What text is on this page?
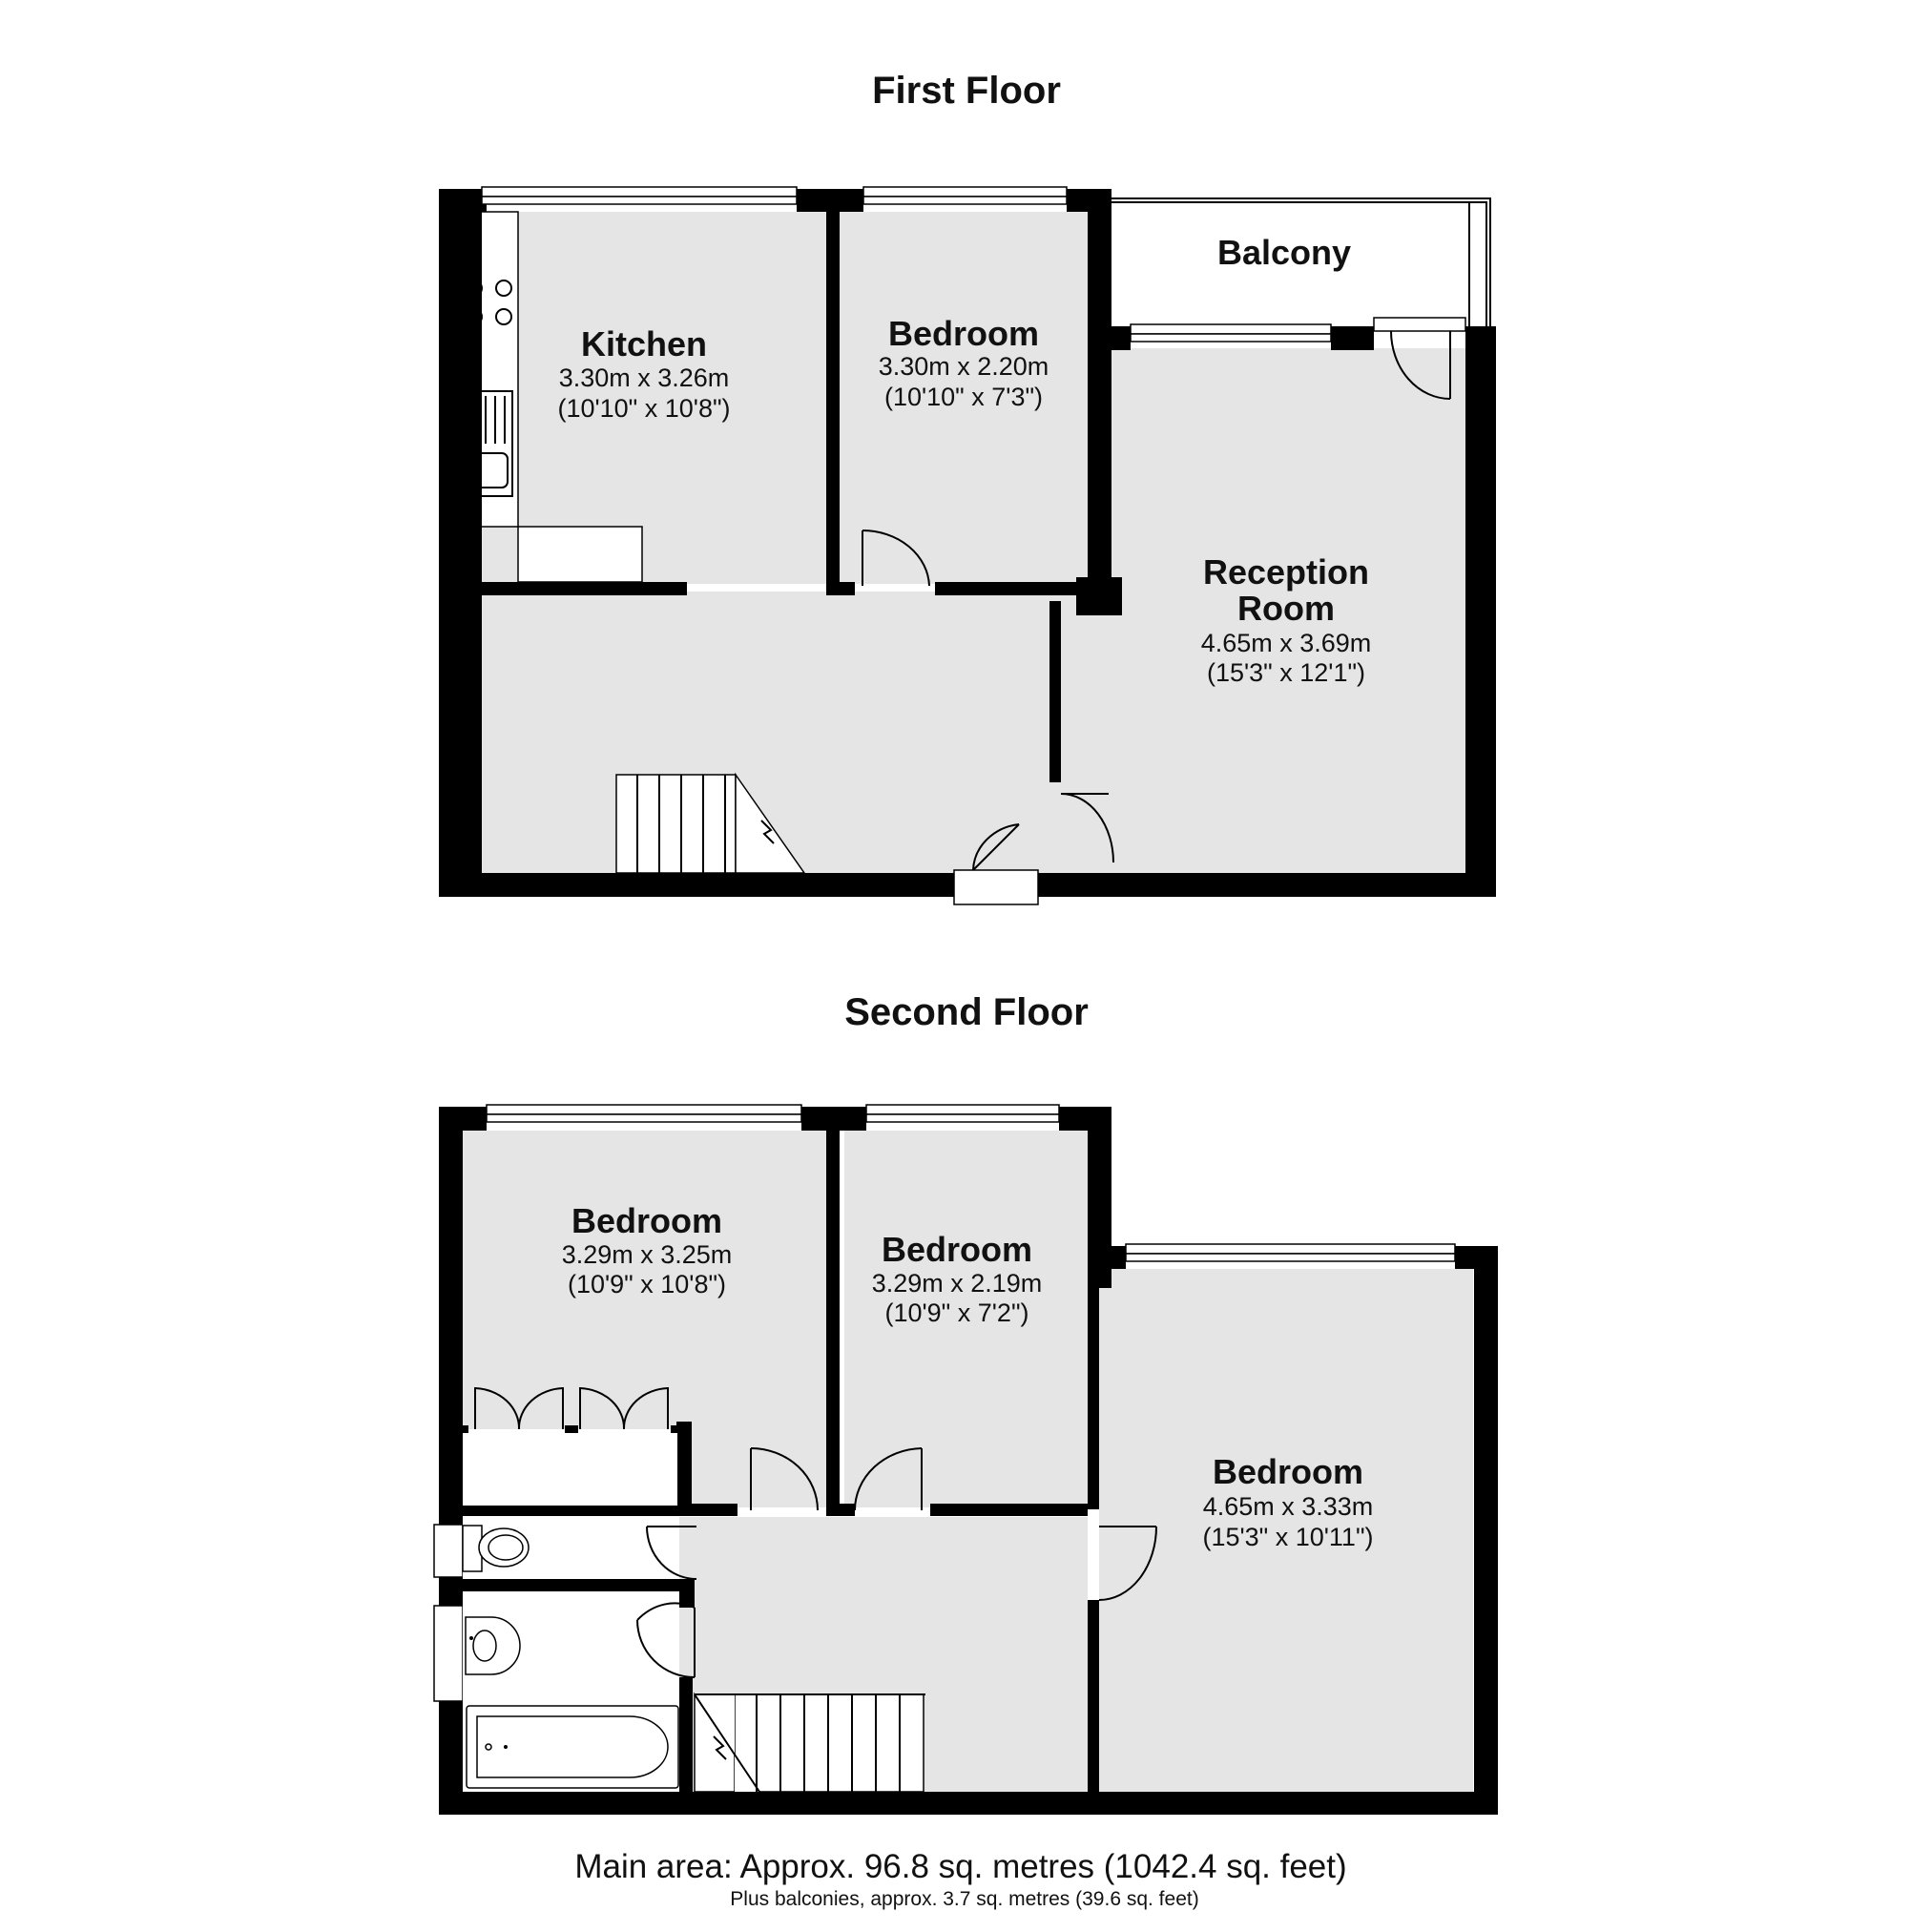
First Floor
Kitchen
3.30m x 3.26m
(10'10" x 10'8")
Bedroom
3.30m x 2.20m
(10'10" x 7'3")
Balcony
Reception
Room
4.65m x 3.69m
(15'3" x 12'1")
Second Floor
Bedroom
3.29m x 3.25m
(10'9" x 10'8")
Bedroom
3.29m x 2.19m
(10'9" x 7'2")
Bedroom
4.65m x 3.33m
(15'3" x 10'11")
Main area: Approx. 96.8 sq. metres (1042.4 sq. feet)
Plus balconies, approx. 3.7 sq. metres (39.6 sq. feet)
